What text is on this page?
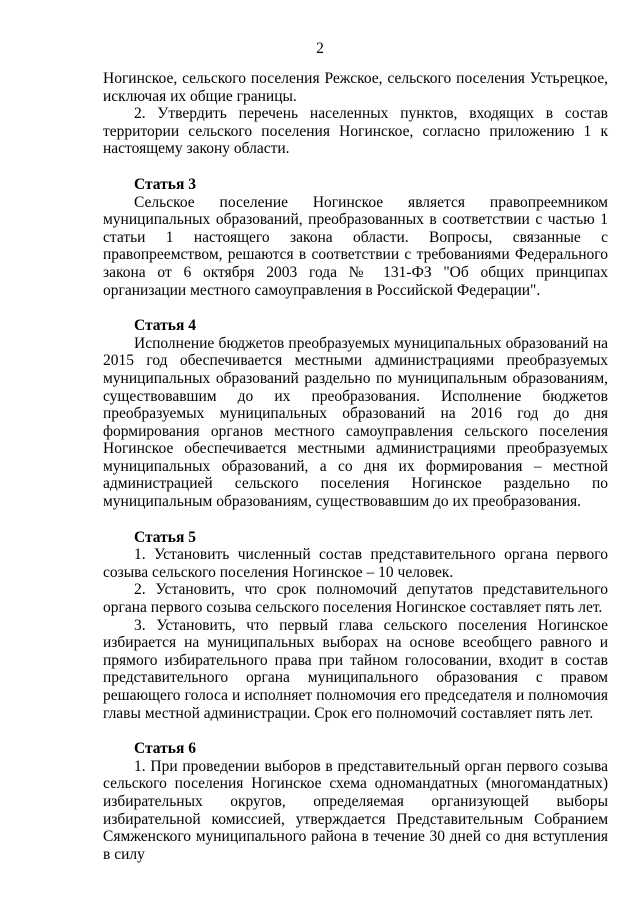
2

Ногинское, сельского поселения Режское, сельского поселения Устьрецкое, исключая их общие границы.

2. Утвердить перечень населенных пунктов, входящих в состав территории сельского поселения Ногинское, согласно приложению 1 к настоящему закону области.

Статья 3

Сельское поселение Ногинское является правопреемником муниципальных образований, преобразованных в соответствии с частью 1 статьи 1 настоящего закона области. Вопросы, связанные с правопреемством, решаются в соответствии с требованиями Федерального закона от 6 октября 2003 года № 131-ФЗ "Об общих принципах организации местного самоуправления в Российской Федерации".

Статья 4

Исполнение бюджетов преобразуемых муниципальных образований на 2015 год обеспечивается местными администрациями преобразуемых муниципальных образований раздельно по муниципальным образованиям, существовавшим до их преобразования. Исполнение бюджетов преобразуемых муниципальных образований на 2016 год до дня формирования органов местного самоуправления сельского поселения Ногинское обеспечивается местными администрациями преобразуемых муниципальных образований, а со дня их формирования – местной администрацией сельского поселения Ногинское раздельно по муниципальным образованиям, существовавшим до их преобразования.

Статья 5

1. Установить численный состав представительного органа первого созыва сельского поселения Ногинское – 10 человек.

2. Установить, что срок полномочий депутатов представительного органа первого созыва сельского поселения Ногинское составляет пять лет.

3. Установить, что первый глава сельского поселения Ногинское избирается на муниципальных выборах на основе всеобщего равного и прямого избирательного права при тайном голосовании, входит в состав представительного органа муниципального образования с правом решающего голоса и исполняет полномочия его председателя и полномочия главы местной администрации. Срок его полномочий составляет пять лет.

Статья 6

1. При проведении выборов в представительный орган первого созыва сельского поселения Ногинское схема одномандатных (многомандатных) избирательных округов, определяемая организующей выборы избирательной комиссией, утверждается Представительным Собранием Сямженского муниципального района в течение 30 дней со дня вступления в силу
